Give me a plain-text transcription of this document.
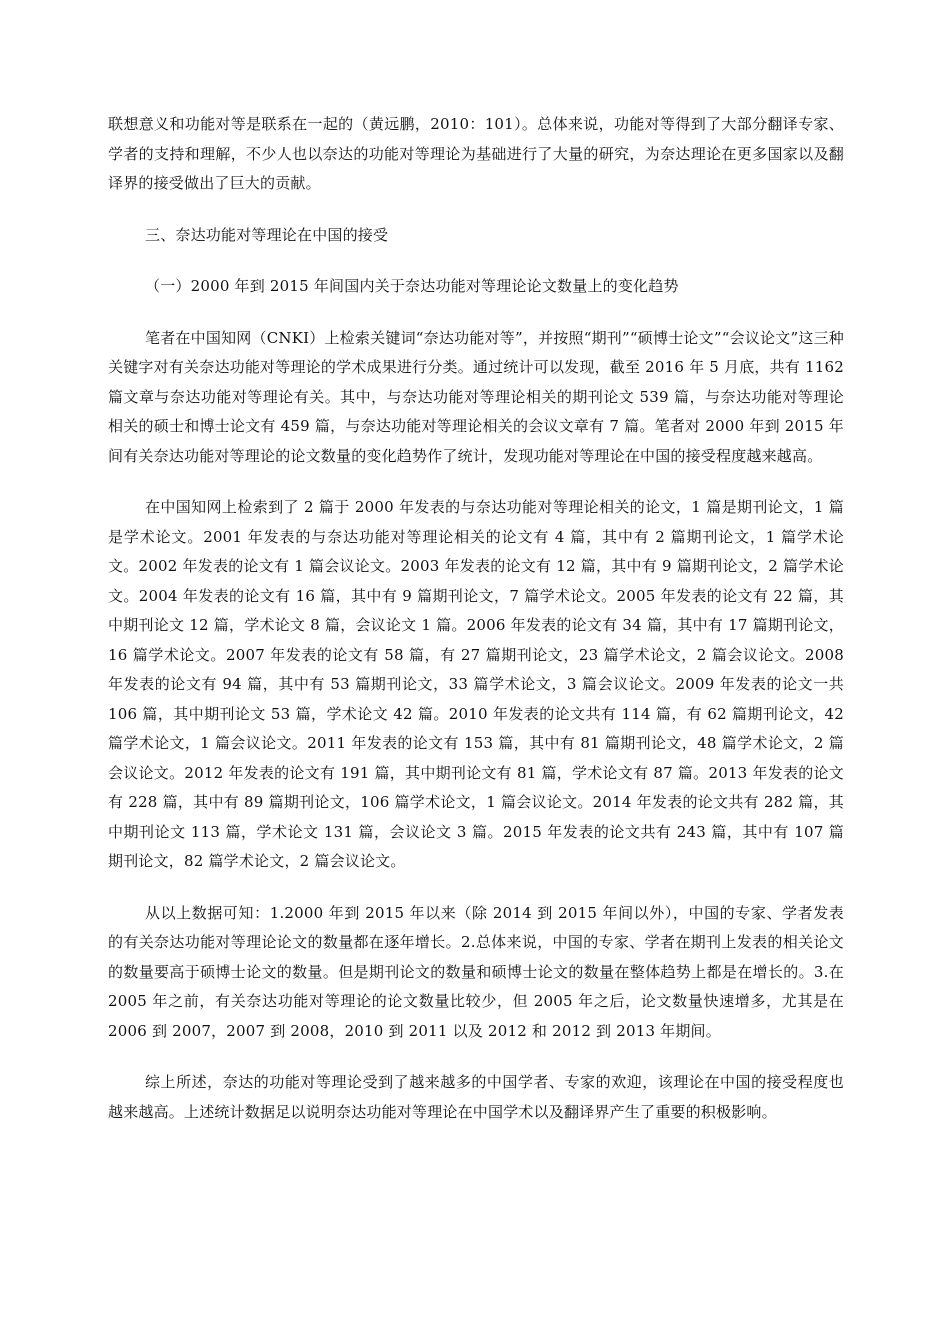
联想意义和功能对等是联系在一起的（黄远鹏，2010：101）。总体来说，功能对等得到了大部分翻译专家、学者的支持和理解，不少人也以奈达的功能对等理论为基础进行了大量的研究，为奈达理论在更多国家以及翻译界的接受做出了巨大的贡献。

三、奈达功能对等理论在中国的接受

（一）2000 年到 2015 年间国内关于奈达功能对等理论论文数量上的变化趋势

笔者在中国知网（CNKI）上检索关键词“奈达功能对等”，并按照“期刊”“硕博士论文”“会议论文”这三种关键字对有关奈达功能对等理论的学术成果进行分类。通过统计可以发现，截至 2016 年 5 月底，共有 1162 篇文章与奈达功能对等理论有关。其中，与奈达功能对等理论相关的期刊论文 539 篇，与奈达功能对等理论相关的硕士和博士论文有 459 篇，与奈达功能对等理论相关的会议文章有 7 篇。笔者对 2000 年到 2015 年间有关奈达功能对等理论的论文数量的变化趋势作了统计，发现功能对等理论在中国的接受程度越来越高。

在中国知网上检索到了 2 篇于 2000 年发表的与奈达功能对等理论相关的论文，1 篇是期刊论文，1 篇是学术论文。2001 年发表的与奈达功能对等理论相关的论文有 4 篇，其中有 2 篇期刊论文，1 篇学术论文。2002 年发表的论文有 1 篇会议论文。2003 年发表的论文有 12 篇，其中有 9 篇期刊论文，2 篇学术论文。2004 年发表的论文有 16 篇，其中有 9 篇期刊论文，7 篇学术论文。2005 年发表的论文有 22 篇，其中期刊论文 12 篇，学术论文 8 篇，会议论文 1 篇。2006 年发表的论文有 34 篇，其中有 17 篇期刊论文，16 篇学术论文。2007 年发表的论文有 58 篇，有 27 篇期刊论文，23 篇学术论文，2 篇会议论文。2008 年发表的论文有 94 篇，其中有 53 篇期刊论文，33 篇学术论文，3 篇会议论文。2009 年发表的论文一共 106 篇，其中期刊论文 53 篇，学术论文 42 篇。2010 年发表的论文共有 114 篇，有 62 篇期刊论文，42 篇学术论文，1 篇会议论文。2011 年发表的论文有 153 篇，其中有 81 篇期刊论文，48 篇学术论文，2 篇会议论文。2012 年发表的论文有 191 篇，其中期刊论文有 81 篇，学术论文有 87 篇。2013 年发表的论文有 228 篇，其中有 89 篇期刊论文，106 篇学术论文，1 篇会议论文。2014 年发表的论文共有 282 篇，其中期刊论文 113 篇，学术论文 131 篇，会议论文 3 篇。2015 年发表的论文共有 243 篇，其中有 107 篇期刊论文，82 篇学术论文，2 篇会议论文。

从以上数据可知：1.2000 年到 2015 年以来（除 2014 到 2015 年间以外），中国的专家、学者发表的有关奈达功能对等理论论文的数量都在逐年增长。2.总体来说，中国的专家、学者在期刊上发表的相关论文的数量要高于硕博士论文的数量。但是期刊论文的数量和硕博士论文的数量在整体趋势上都是在增长的。3.在 2005 年之前，有关奈达功能对等理论的论文数量比较少，但 2005 年之后，论文数量快速增多，尤其是在 2006 到 2007，2007 到 2008，2010 到 2011 以及 2012 和 2012 到 2013 年期间。

综上所述，奈达的功能对等理论受到了越来越多的中国学者、专家的欢迎，该理论在中国的接受程度也越来越高。上述统计数据足以说明奈达功能对等理论在中国学术以及翻译界产生了重要的积极影响。
